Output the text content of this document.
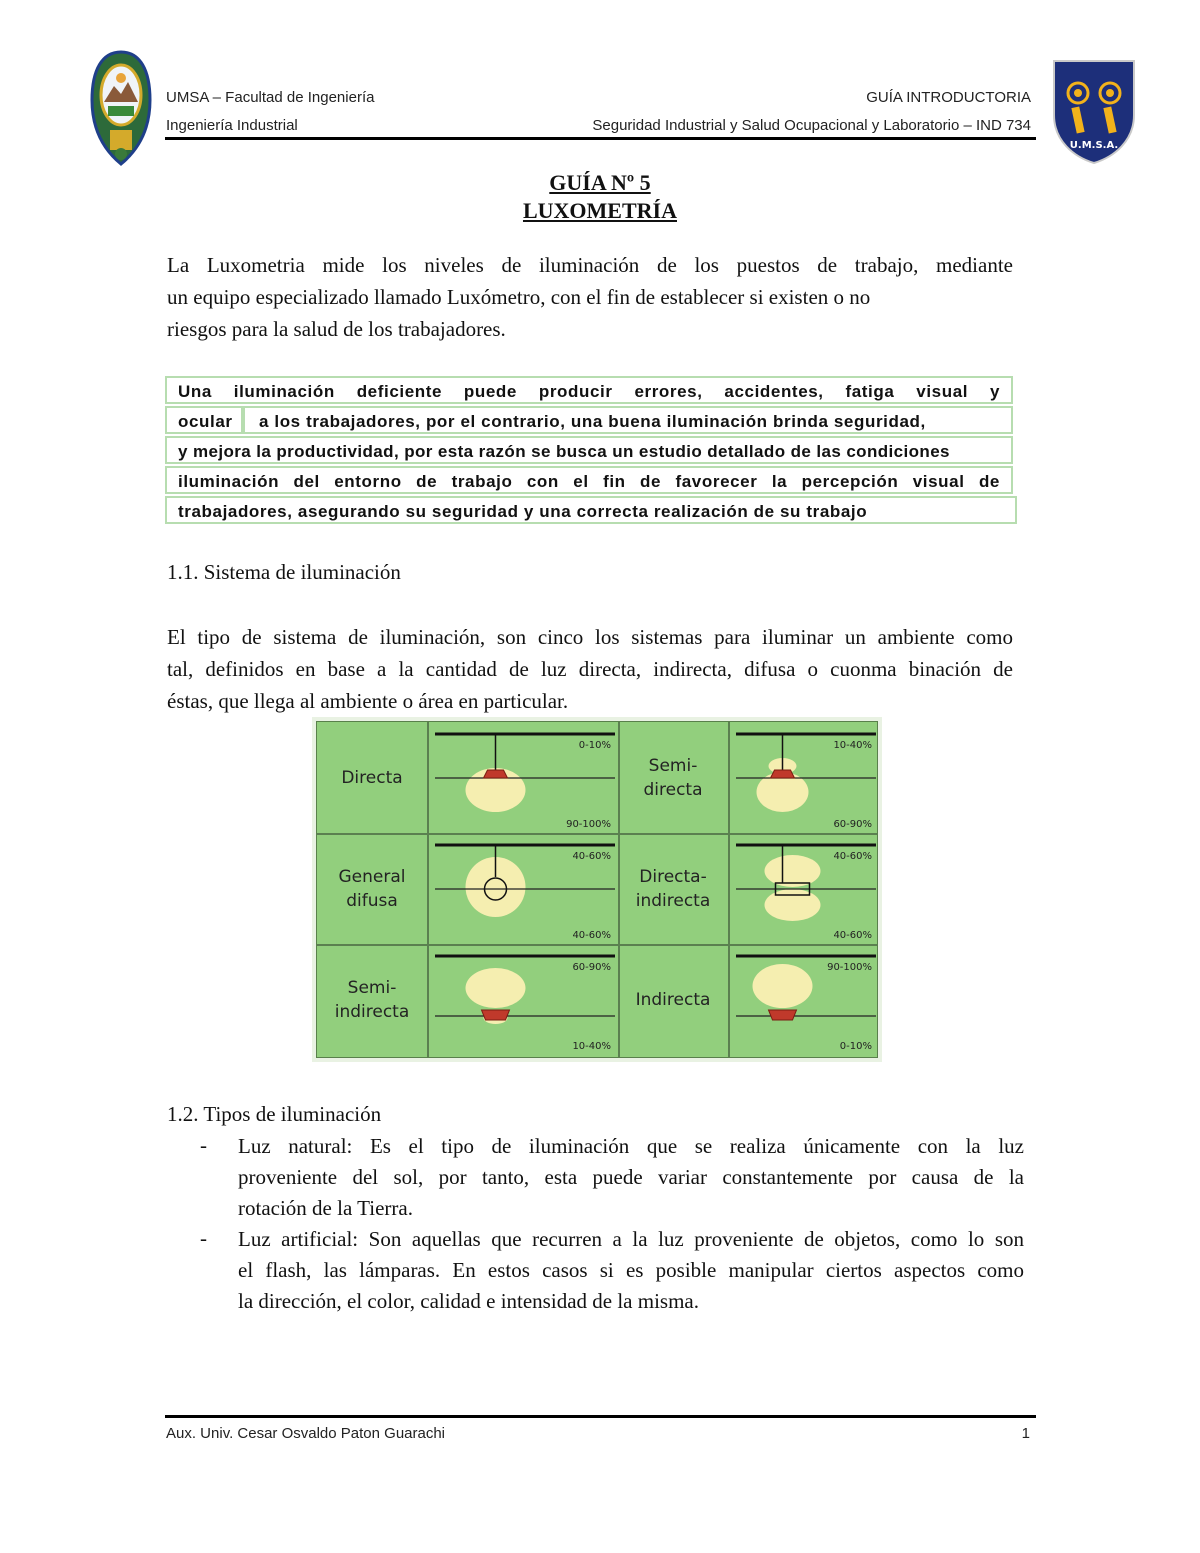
UMSA – Facultad de Ingeniería
Ingeniería Industrial
GUÍA INTRODUCTORIA
Seguridad Industrial y Salud Ocupacional y Laboratorio – IND 734
U.M.S.A.
GUÍA Nº 5
LUXOMETRÍA

La Luxometria mide los niveles de iluminación de los puestos de trabajo, mediante

un equipo especializado llamado Luxómetro, con el fin de establecer si existen o no

riesgos para la salud de los trabajadores.

Una iluminación deficiente puede producir errores, accidentes, fatiga visual y
ocular	a los trabajadores, por el contrario, una buena iluminación brinda seguridad,
y mejora la productividad, por esta razón se busca un estudio detallado de las condiciones
iluminación del entorno de trabajo con el fin de favorecer la percepción visual de
trabajadores, asegurando su seguridad y una correcta realización de su trabajo
1.1. Sistema de iluminación

El tipo de sistema de iluminación, son cinco los sistemas para iluminar un ambiente como

tal, definidos en base a la cantidad de luz directa, indirecta, difusa o cuonma binación de

éstas, que llega al ambiente o área en particular.

Directa
0-10%
90-100%
Semi-
directa
10-40%
60-90%
General
difusa
40-60%
40-60%
Directa-
indirecta
40-60%
40-60%
Semi-
indirecta
60-90%
10-40%
Indirecta
90-100%
0-10%
1.2. Tipos de iluminación
- Luz natural: Es el tipo de iluminación que se realiza únicamente con la luz

proveniente del sol, por tanto, esta puede variar constantemente por causa de la

rotación de la Tierra.

- Luz artificial: Son aquellas que recurren a la luz proveniente de objetos, como lo son

el flash, las lámparas. En estos casos si es posible manipular ciertos aspectos como

la dirección, el color, calidad e intensidad de la misma.

Aux. Univ. Cesar Osvaldo Paton Guarachi	1
